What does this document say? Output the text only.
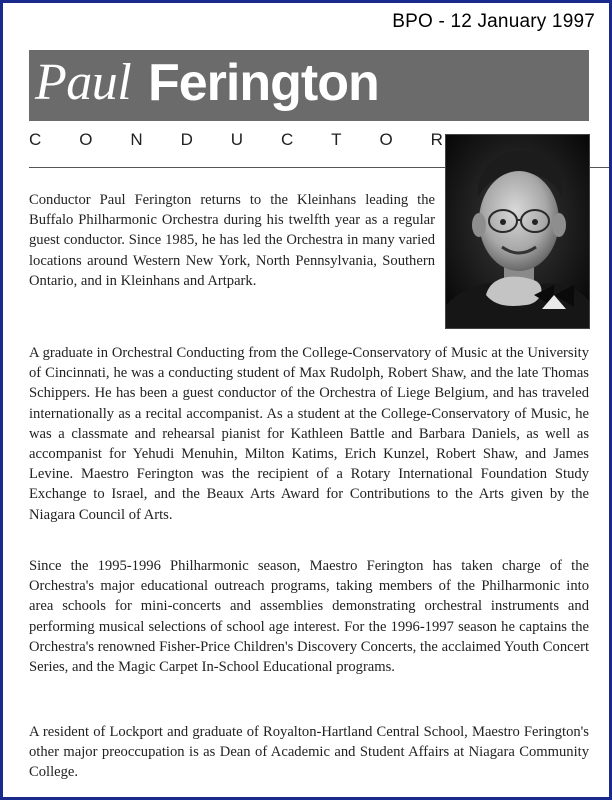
BPO - 12 January 1997
Paul Ferington
C O N D U C T O R

Conductor Paul Ferington returns to the Kleinhans leading the Buffalo Philharmonic Orchestra during his twelfth year as a regular guest conductor. Since 1985, he has led the Orchestra in many varied locations around Western New York, North Pennsylvania, Southern Ontario, and in Kleinhans and Artpark.

A graduate in Orchestral Conducting from the College-Conservatory of Music at the University of Cincinnati, he was a conducting student of Max Rudolph, Robert Shaw, and the late Thomas Schippers. He has been a guest conductor of the Orchestra of Liege Belgium, and has traveled internationally as a recital accompanist. As a student at the College-Conservatory of Music, he was a classmate and rehearsal pianist for Kathleen Battle and Barbara Daniels, as well as accompanist for Yehudi Menuhin, Milton Katims, Erich Kunzel, Robert Shaw, and James Levine. Maestro Ferington was the recipient of a Rotary International Foundation Study Exchange to Israel, and the Beaux Arts Award for Contributions to the Arts given by the Niagara Council of Arts.

Since the 1995-1996 Philharmonic season, Maestro Ferington has taken charge of the Orchestra's major educational outreach programs, taking members of the Philharmonic into area schools for mini-concerts and assemblies demonstrating orchestral instruments and performing musical selections of school age interest. For the 1996-1997 season he captains the Orchestra's renowned Fisher-Price Children's Discovery Concerts, the acclaimed Youth Concert Series, and the Magic Carpet In-School Educational programs.

A resident of Lockport and graduate of Royalton-Hartland Central School, Maestro Ferington's other major preoccupation is as Dean of Academic and Student Affairs at Niagara Community College.
